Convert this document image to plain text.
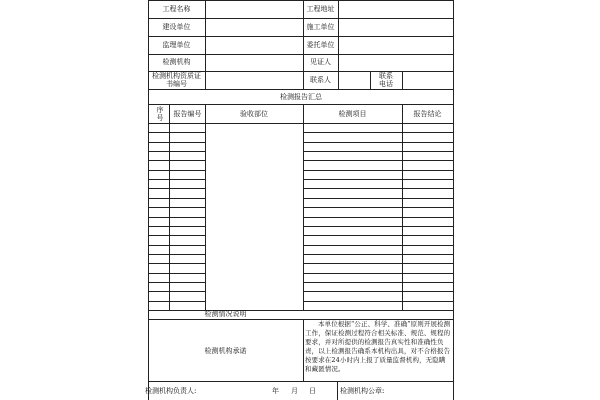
工程名称	工程地址
建设单位	施工单位
监理单位	委托单位
检测机构	见证人
检测机构资质证书编号	联系人	联系电话
检测报告汇总
序号	报告编号	验收部位	检测项目	报告结论
检测情况说明
检测机构承诺
本单位根据“公正、科学、准确”原则开展检测工作，保证检测过程符合相关标准、规范、规程的要求，并对所提供的检测报告真实性和准确性负责，以上检测报告确系本机构出具，对不合格报告按要求在24小时内上报了质量监督机构，无隐瞒和藏匿情况。
检测机构负责人:	年 月 日	检测机构公章:
